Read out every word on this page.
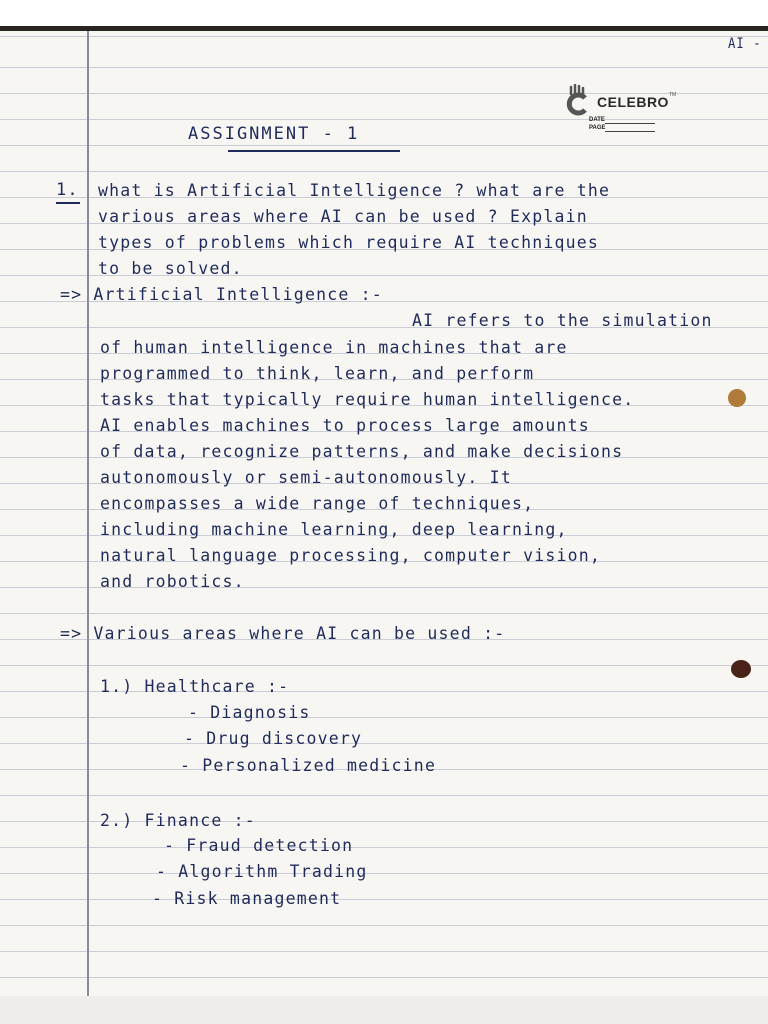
AI -
CELEBRO TM
DATE
PAGE
ASSIGNMENT - 1
1. what is Artificial Intelligence ? what are the
various areas where AI can be used ? Explain
types of problems which require AI techniques
to be solved.
=> Artificial Intelligence :-
AI refers to the simulation
of human intelligence in machines that are
programmed to think, learn, and perform
tasks that typically require human intelligence.
AI enables machines to process large amounts
of data, recognize patterns, and make decisions
autonomously or semi-autonomously. It
encompasses a wide range of techniques,
including machine learning, deep learning,
natural language processing, computer vision,
and robotics.
=> Various areas where AI can be used :-
1.) Healthcare :-
- Diagnosis
- Drug discovery
- Personalized medicine
2.) Finance :-
- Fraud detection
- Algorithm Trading
- Risk management
